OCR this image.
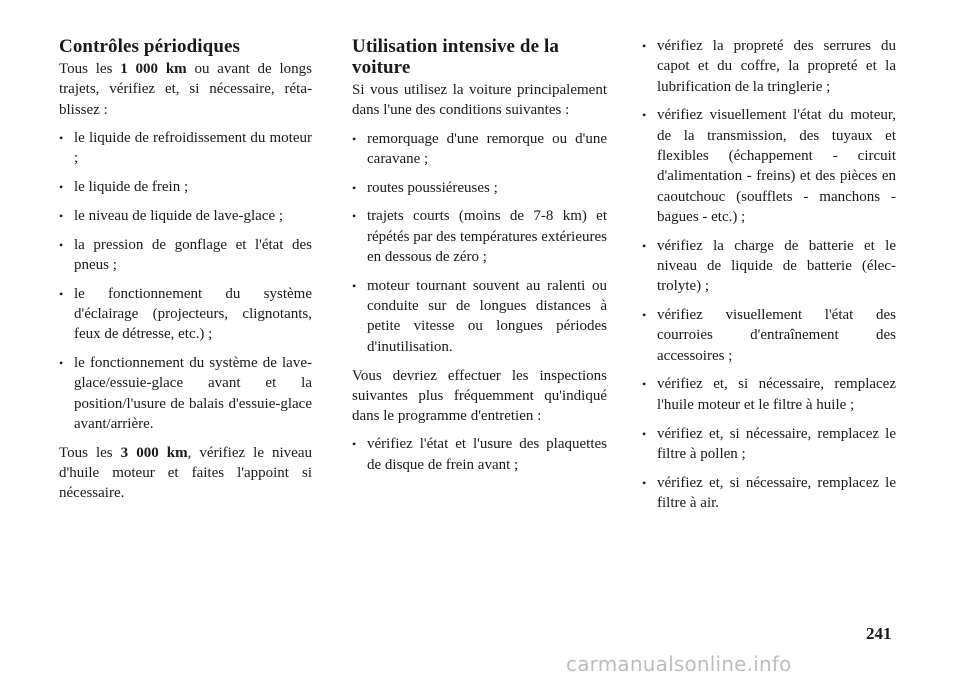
Contrôles périodiques

Tous les 1 000 km ou avant de longs trajets, vérifiez et, si nécessaire, rétablissez :

• le liquide de refroidissement du moteur ;
• le liquide de frein ;
• le niveau de liquide de lave-glace ;
• la pression de gonflage et l'état des pneus ;
• le fonctionnement du système d'éclairage (projecteurs, clignotants, feux de détresse, etc.) ;
• le fonctionnement du système de lave-glace/essuie-glace avant et la position/l'usure de balais d'essuie-glace avant/arrière.

Tous les 3 000 km, vérifiez le niveau d'huile moteur et faites l'appoint si nécessaire.

Utilisation intensive de la voiture

Si vous utilisez la voiture principalement dans l'une des conditions suivantes :

• remorquage d'une remorque ou d'une caravane ;
• routes poussiéreuses ;
• trajets courts (moins de 7-8 km) et répétés par des températures extérieures en dessous de zéro ;
• moteur tournant souvent au ralenti ou conduite sur de longues distances à petite vitesse ou longues périodes d'inutilisation.

Vous devriez effectuer les inspections suivantes plus fréquemment qu'indiqué dans le programme d'entretien :

• vérifiez l'état et l'usure des plaquettes de disque de frein avant ;
• vérifiez la propreté des serrures du capot et du coffre, la propreté et la lubrification de la tringlerie ;
• vérifiez visuellement l'état du moteur, de la transmission, des tuyaux et flexibles (échappement - circuit d'alimentation - freins) et des pièces en caoutchouc (soufflets - manchons - bagues - etc.) ;
• vérifiez la charge de batterie et le niveau de liquide de batterie (électrolyte) ;
• vérifiez visuellement l'état des courroies d'entraînement des accessoires ;
• vérifiez et, si nécessaire, remplacez l'huile moteur et le filtre à huile ;
• vérifiez et, si nécessaire, remplacez le filtre à pollen ;
• vérifiez et, si nécessaire, remplacez le filtre à air.
241
carmanualsonline.info
